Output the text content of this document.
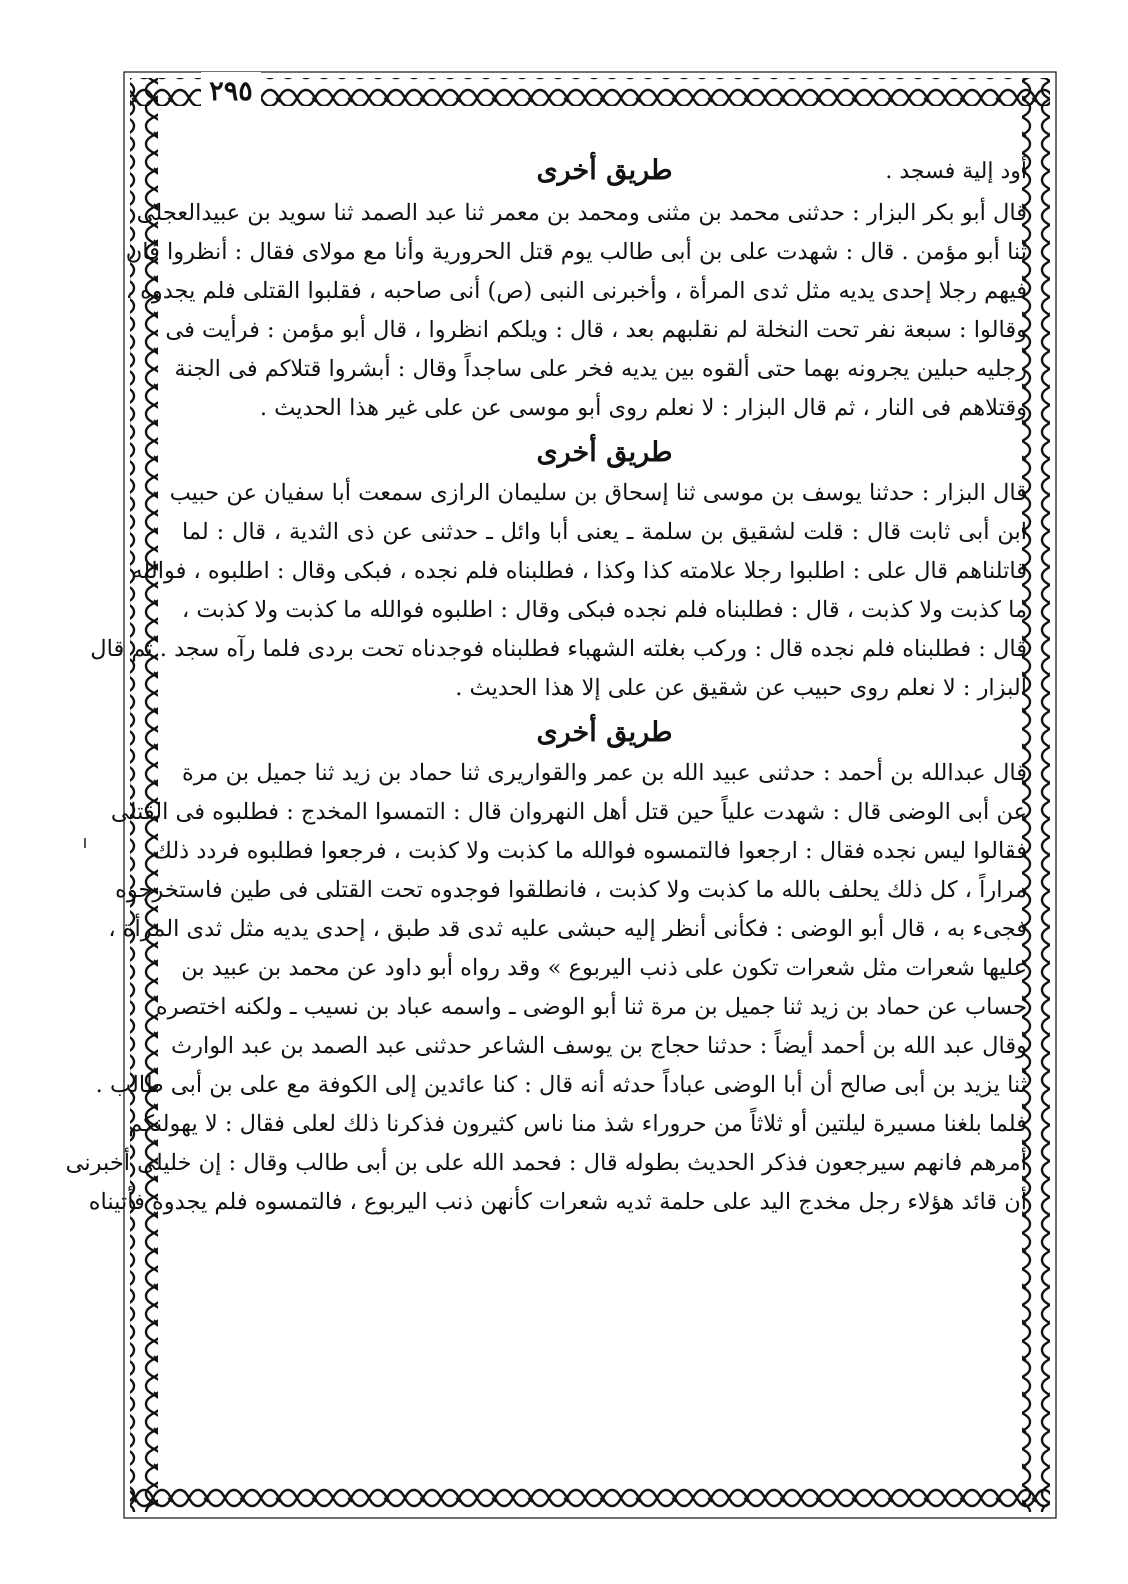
٢٩٥
أود إلية فسجد .
طريق أخرى
قال أبو بكر البزار : حدثنى محمد بن مثنى ومحمد بن معمر ثنا عبد الصمد ثنا سويد بن عبيدالعجلى
ثنا أبو مؤمن . قال : شهدت على بن أبى طالب يوم قتل الحرورية وأنا مع مولاى فقال : أنظروا فان
فيهم رجلا إحدى يديه مثل ثدى المرأة ، وأخبرنى النبى (ص) أنى صاحبه ، فقلبوا القتلى فلم يجدوه ،
وقالوا : سبعة نفر تحت النخلة لم نقلبهم بعد ، قال : ويلكم انظروا ، قال أبو مؤمن : فرأيت فى
رجليه حبلين يجرونه بهما حتى ألقوه بين يديه فخر على ساجداً وقال : أبشروا قتلاكم فى الجنة
وقتلاهم فى النار ، ثم قال البزار : لا نعلم روى أبو موسى عن على غير هذا الحديث .
طريق أخرى
قال البزار : حدثنا يوسف بن موسى ثنا إسحاق بن سليمان الرازى سمعت أبا سفيان عن حبيب
ابن أبى ثابت قال : قلت لشقيق بن سلمة ـ يعنى أبا وائل ـ حدثنى عن ذى الثدية ، قال : لما
قاتلناهم قال على : اطلبوا رجلا علامته كذا وكذا ، فطلبناه فلم نجده ، فبكى وقال : اطلبوه ، فوالله
ما كذبت ولا كذبت ، قال : فطلبناه فلم نجده فبكى وقال : اطلبوه فوالله ما كذبت ولا كذبت ،
قال : فطلبناه فلم نجده قال : وركب بغلته الشهباء فطلبناه فوجدناه تحت بردى فلما رآه سجد . ثم قال
البزار : لا نعلم روى حبيب عن شقيق عن على إلا هذا الحديث .
طريق أخرى
قال عبدالله بن أحمد : حدثنى عبيد الله بن عمر والقواريرى ثنا حماد بن زيد ثنا جميل بن مرة
عن أبى الوضى قال : شهدت علياً حين قتل أهل النهروان قال : التمسوا المخدج : فطلبوه فى القتلى
فقالوا ليس نجده فقال : ارجعوا فالتمسوه فوالله ما كذبت ولا كذبت ، فرجعوا فطلبوه فردد ذلك
مراراً ، كل ذلك يحلف بالله ما كذبت ولا كذبت ، فانطلقوا فوجدوه تحت القتلى فى طين فاستخرجوه
فجىء به ، قال أبو الوضى : فكأنى أنظر إليه حبشى عليه ثدى قد طبق ، إحدى يديه مثل ثدى المرأة ،
عليها شعرات مثل شعرات تكون على ذنب اليربوع » وقد رواه أبو داود عن محمد بن عبيد بن
حساب عن حماد بن زيد ثنا جميل بن مرة ثنا أبو الوضى ـ واسمه عباد بن نسيب ـ ولكنه اختصره
وقال عبد الله بن أحمد أيضاً : حدثنا حجاج بن يوسف الشاعر حدثنى عبد الصمد بن عبد الوارث
ثنا يزيد بن أبى صالح أن أبا الوضى عباداً حدثه أنه قال : كنا عائدين إلى الكوفة مع على بن أبى طالب .
فلما بلغنا مسيرة ليلتين أو ثلاثاً من حروراء شذ منا ناس كثيرون فذكرنا ذلك لعلى فقال : لا يهولنكم
أمرهم فانهم سيرجعون فذكر الحديث بطوله قال : فحمد الله على بن أبى طالب وقال : إن خليلى أخبرنى
أن قائد هؤلاء رجل مخدج اليد على حلمة ثديه شعرات كأنهن ذنب اليربوع ، فالتمسوه فلم يجدوه فأتيناه
